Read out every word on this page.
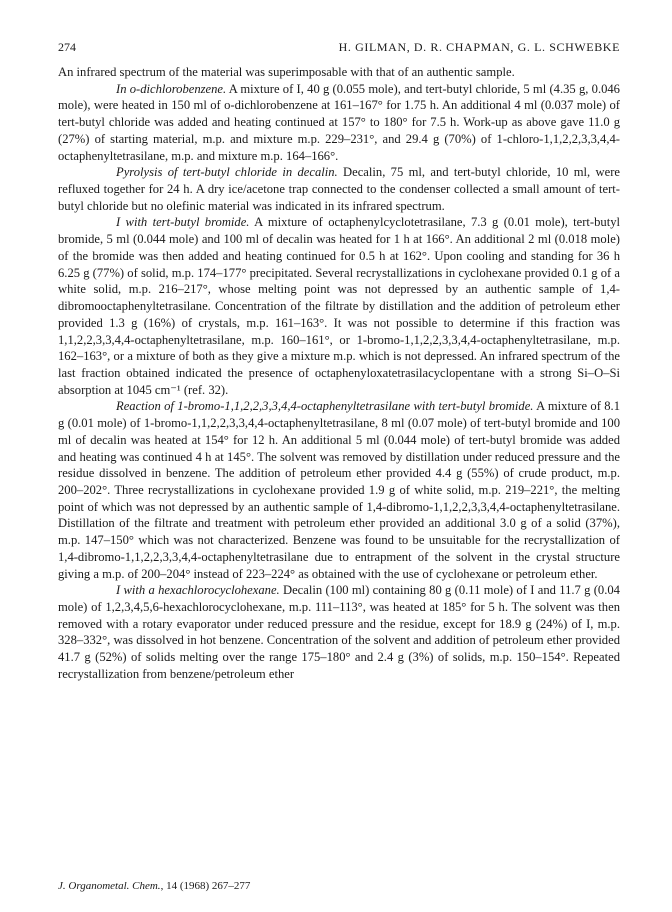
274	H. GILMAN, D. R. CHAPMAN, G. L. SCHWEBKE

An infrared spectrum of the material was superimposable with that of an authentic sample.

In o-dichlorobenzene. A mixture of I, 40 g (0.055 mole), and tert-butyl chloride, 5 ml (4.35 g, 0.046 mole), were heated in 150 ml of o-dichlorobenzene at 161–167° for 1.75 h. An additional 4 ml (0.037 mole) of tert-butyl chloride was added and heating continued at 157° to 180° for 7.5 h. Work-up as above gave 11.0 g (27%) of starting material, m.p. and mixture m.p. 229–231°, and 29.4 g (70%) of 1-chloro-1,1,2,2,3,3,4,4-octaphenyltetrasilane, m.p. and mixture m.p. 164–166°.

Pyrolysis of tert-butyl chloride in decalin. Decalin, 75 ml, and tert-butyl chloride, 10 ml, were refluxed together for 24 h. A dry ice/acetone trap connected to the condenser collected a small amount of tert-butyl chloride but no olefinic material was indicated in its infrared spectrum.

I with tert-butyl bromide. A mixture of octaphenylcyclotetrasilane, 7.3 g (0.01 mole), tert-butyl bromide, 5 ml (0.044 mole) and 100 ml of decalin was heated for 1 h at 166°. An additional 2 ml (0.018 mole) of the bromide was then added and heating continued for 0.5 h at 162°. Upon cooling and standing for 36 h 6.25 g (77%) of solid, m.p. 174–177° precipitated. Several recrystallizations in cyclohexane provided 0.1 g of a white solid, m.p. 216–217°, whose melting point was not depressed by an authentic sample of 1,4-dibromooctaphenyltetrasilane. Concentration of the filtrate by distillation and the addition of petroleum ether provided 1.3 g (16%) of crystals, m.p. 161–163°. It was not possible to determine if this fraction was 1,1,2,2,3,3,4,4-octaphenyltetrasilane, m.p. 160–161°, or 1-bromo-1,1,2,2,3,3,4,4-octaphenyltetrasilane, m.p. 162–163°, or a mixture of both as they give a mixture m.p. which is not depressed. An infrared spectrum of the last fraction obtained indicated the presence of octaphenyloxatetrasilacyclopentane with a strong Si–O–Si absorption at 1045 cm⁻¹ (ref. 32).

Reaction of 1-bromo-1,1,2,2,3,3,4,4-octaphenyltetrasilane with tert-butyl bromide. A mixture of 8.1 g (0.01 mole) of 1-bromo-1,1,2,2,3,3,4,4-octaphenyltetrasilane, 8 ml (0.07 mole) of tert-butyl bromide and 100 ml of decalin was heated at 154° for 12 h. An additional 5 ml (0.044 mole) of tert-butyl bromide was added and heating was continued 4 h at 145°. The solvent was removed by distillation under reduced pressure and the residue dissolved in benzene. The addition of petroleum ether provided 4.4 g (55%) of crude product, m.p. 200–202°. Three recrystallizations in cyclohexane provided 1.9 g of white solid, m.p. 219–221°, the melting point of which was not depressed by an authentic sample of 1,4-dibromo-1,1,2,2,3,3,4,4-octaphenyltetrasilane. Distillation of the filtrate and treatment with petroleum ether provided an additional 3.0 g of a solid (37%), m.p. 147–150° which was not characterized. Benzene was found to be unsuitable for the recrystallization of 1,4-dibromo-1,1,2,2,3,3,4,4-octaphenyltetrasilane due to entrapment of the solvent in the crystal structure giving a m.p. of 200–204° instead of 223–224° as obtained with the use of cyclohexane or petroleum ether.

I with a hexachlorocyclohexane. Decalin (100 ml) containing 80 g (0.11 mole) of I and 11.7 g (0.04 mole) of 1,2,3,4,5,6-hexachlorocyclohexane, m.p. 111–113°, was heated at 185° for 5 h. The solvent was then removed with a rotary evaporator under reduced pressure and the residue, except for 18.9 g (24%) of I, m.p. 328–332°, was dissolved in hot benzene. Concentration of the solvent and addition of petroleum ether provided 41.7 g (52%) of solids melting over the range 175–180° and 2.4 g (3%) of solids, m.p. 150–154°. Repeated recrystallization from benzene/petroleum ether

J. Organometal. Chem., 14 (1968) 267–277
